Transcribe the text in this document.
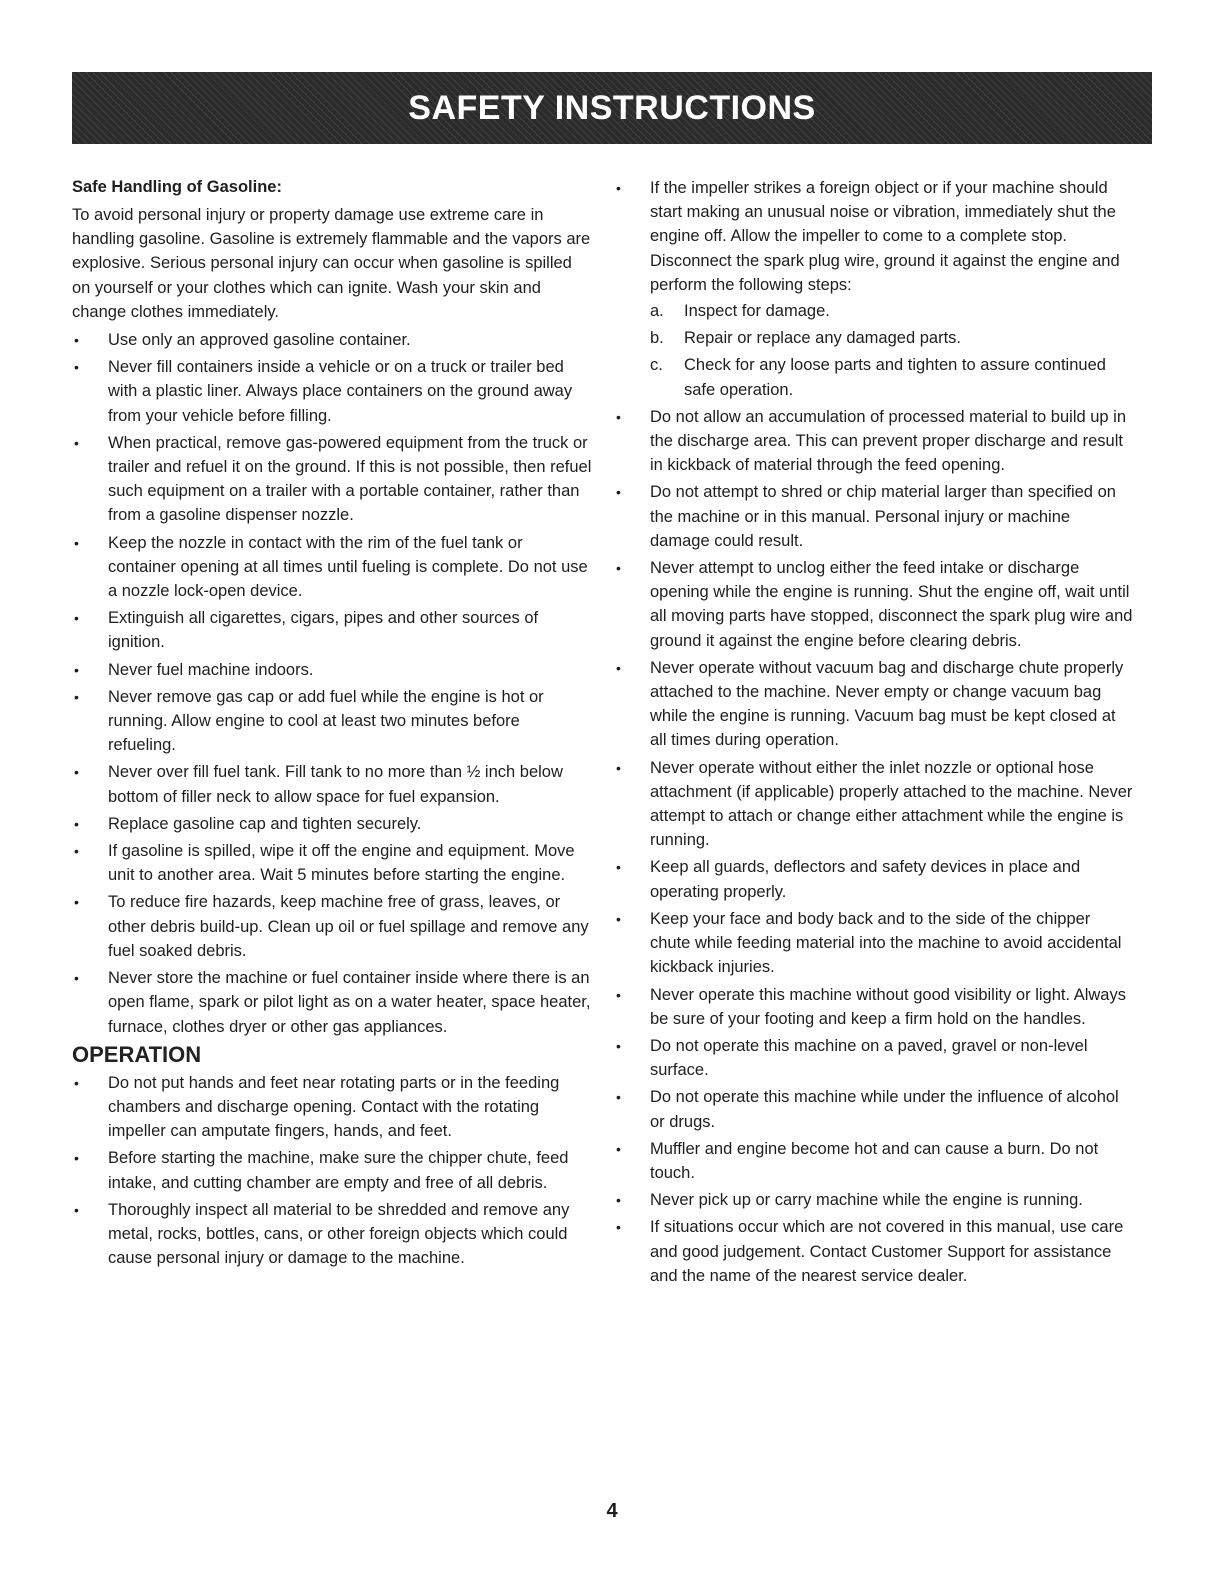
SAFETY INSTRUCTIONS
Safe Handling of Gasoline:

To avoid personal injury or property damage use extreme care in handling gasoline. Gasoline is extremely flammable and the vapors are explosive. Serious personal injury can occur when gasoline is spilled on yourself or your clothes which can ignite. Wash your skin and change clothes immediately.

• Use only an approved gasoline container.
• Never fill containers inside a vehicle or on a truck or trailer bed with a plastic liner. Always place containers on the ground away from your vehicle before filling.
• When practical, remove gas-powered equipment from the truck or trailer and refuel it on the ground. If this is not possible, then refuel such equipment on a trailer with a portable container, rather than from a gasoline dispenser nozzle.
• Keep the nozzle in contact with the rim of the fuel tank or container opening at all times until fueling is complete. Do not use a nozzle lock-open device.
• Extinguish all cigarettes, cigars, pipes and other sources of ignition.
• Never fuel machine indoors.
• Never remove gas cap or add fuel while the engine is hot or running. Allow engine to cool at least two minutes before refueling.
• Never over fill fuel tank. Fill tank to no more than ½ inch below bottom of filler neck to allow space for fuel expansion.
• Replace gasoline cap and tighten securely.
• If gasoline is spilled, wipe it off the engine and equipment. Move unit to another area. Wait 5 minutes before starting the engine.
• To reduce fire hazards, keep machine free of grass, leaves, or other debris build-up. Clean up oil or fuel spillage and remove any fuel soaked debris.
• Never store the machine or fuel container inside where there is an open flame, spark or pilot light as on a water heater, space heater, furnace, clothes dryer or other gas appliances.
OPERATION
• Do not put hands and feet near rotating parts or in the feeding chambers and discharge opening. Contact with the rotating impeller can amputate fingers, hands, and feet.
• Before starting the machine, make sure the chipper chute, feed intake, and cutting chamber are empty and free of all debris.
• Thoroughly inspect all material to be shredded and remove any metal, rocks, bottles, cans, or other foreign objects which could cause personal injury or damage to the machine.
• If the impeller strikes a foreign object or if your machine should start making an unusual noise or vibration, immediately shut the engine off. Allow the impeller to come to a complete stop. Disconnect the spark plug wire, ground it against the engine and perform the following steps:
a. Inspect for damage.
b. Repair or replace any damaged parts.
c. Check for any loose parts and tighten to assure continued safe operation.
• Do not allow an accumulation of processed material to build up in the discharge area. This can prevent proper discharge and result in kickback of material through the feed opening.
• Do not attempt to shred or chip material larger than specified on the machine or in this manual. Personal injury or machine damage could result.
• Never attempt to unclog either the feed intake or discharge opening while the engine is running. Shut the engine off, wait until all moving parts have stopped, disconnect the spark plug wire and ground it against the engine before clearing debris.
• Never operate without vacuum bag and discharge chute properly attached to the machine. Never empty or change vacuum bag while the engine is running. Vacuum bag must be kept closed at all times during operation.
• Never operate without either the inlet nozzle or optional hose attachment (if applicable) properly attached to the machine. Never attempt to attach or change either attachment while the engine is running.
• Keep all guards, deflectors and safety devices in place and operating properly.
• Keep your face and body back and to the side of the chipper chute while feeding material into the machine to avoid accidental kickback injuries.
• Never operate this machine without good visibility or light. Always be sure of your footing and keep a firm hold on the handles.
• Do not operate this machine on a paved, gravel or non-level surface.
• Do not operate this machine while under the influence of alcohol or drugs.
• Muffler and engine become hot and can cause a burn. Do not touch.
• Never pick up or carry machine while the engine is running.
• If situations occur which are not covered in this manual, use care and good judgement. Contact Customer Support for assistance and the name of the nearest service dealer.
4
